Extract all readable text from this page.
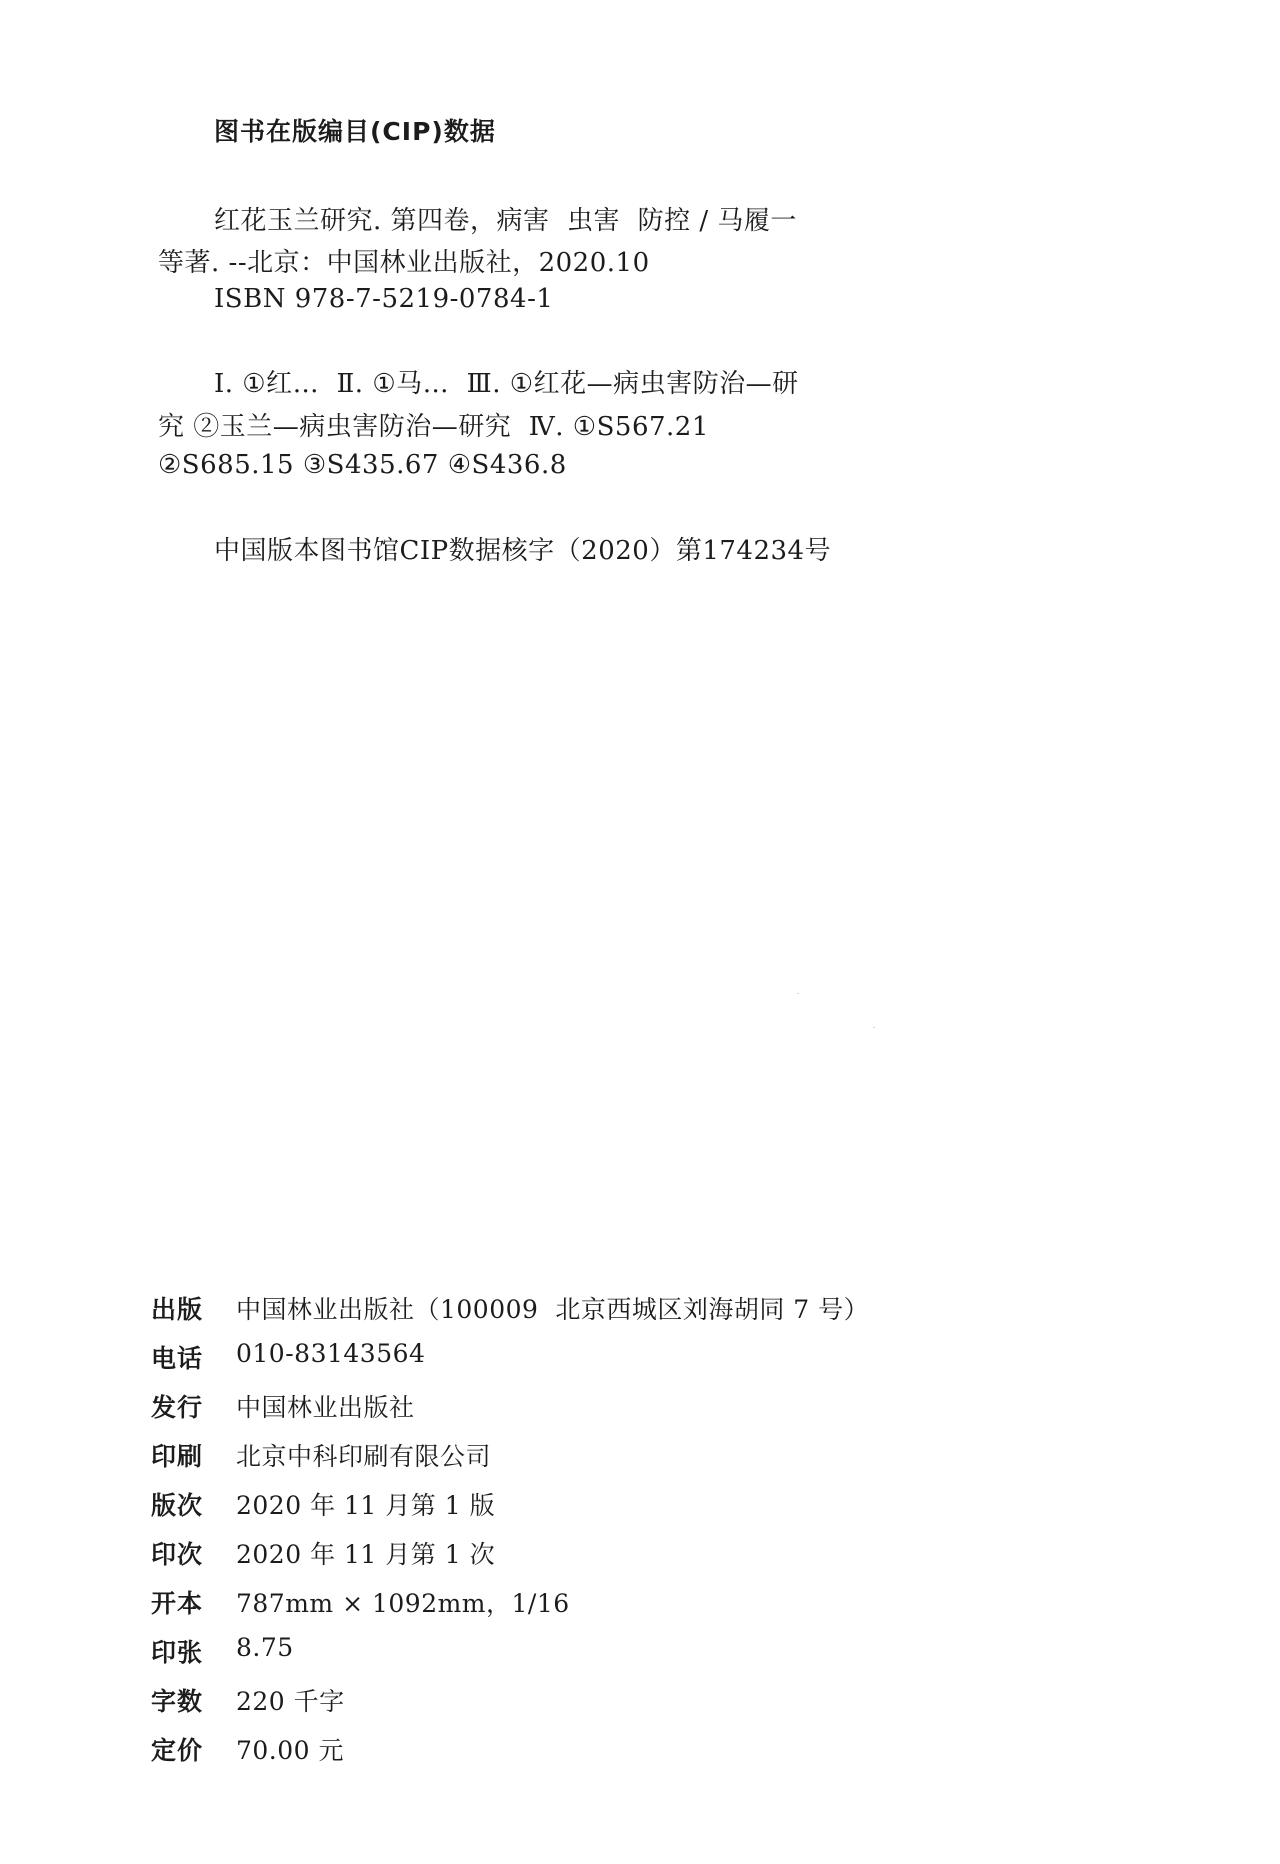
图书在版编目(CIP)数据
红花玉兰研究. 第四卷，病害  虫害  防控 / 马履一
等著. --北京：中国林业出版社，2020.10
ISBN 978-7-5219-0784-1
Ⅰ. ①红…  Ⅱ. ①马…  Ⅲ. ①红花—病虫害防治—研
究 ②玉兰—病虫害防治—研究  Ⅳ. ①S567.21
②S685.15 ③S435.67 ④S436.8
中国版本图书馆CIP数据核字（2020）第174234号
出版 中国林业出版社（100009  北京西城区刘海胡同 7 号）
电话 010-83143564
发行 中国林业出版社
印刷 北京中科印刷有限公司
版次 2020 年 11 月第 1 版
印次 2020 年 11 月第 1 次
开本 787mm × 1092mm，1/16
印张 8.75
字数 220 千字
定价 70.00 元
